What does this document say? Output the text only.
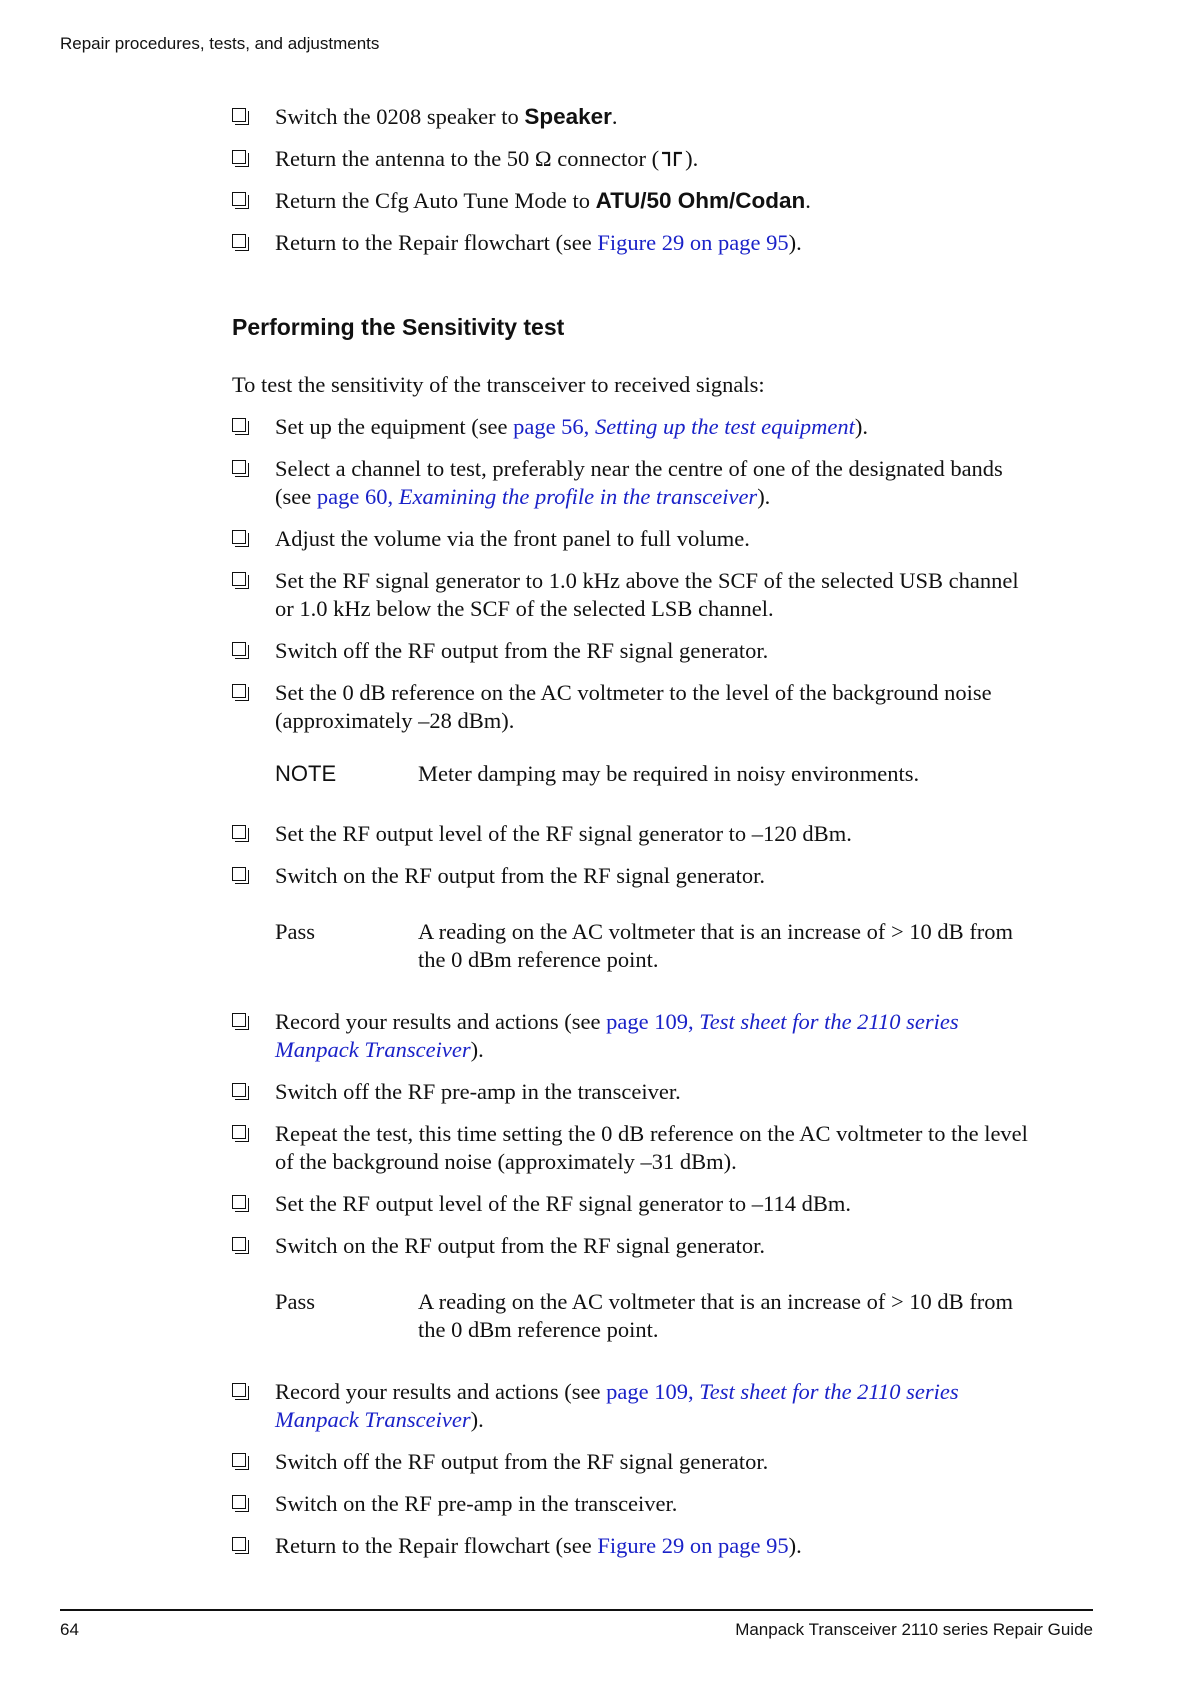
Repair procedures, tests, and adjustments
Switch the 0208 speaker to Speaker.
Return the antenna to the 50 Ω connector ( ).
Return the Cfg Auto Tune Mode to ATU/50 Ohm/Codan.
Return to the Repair flowchart (see Figure 29 on page 95).
Performing the Sensitivity test
To test the sensitivity of the transceiver to received signals:
Set up the equipment (see page 56, Setting up the test equipment).
Select a channel to test, preferably near the centre of one of the designated bands
(see page 60, Examining the profile in the transceiver).
Adjust the volume via the front panel to full volume.
Set the RF signal generator to 1.0 kHz above the SCF of the selected USB channel
or 1.0 kHz below the SCF of the selected LSB channel.
Switch off the RF output from the RF signal generator.
Set the 0 dB reference on the AC voltmeter to the level of the background noise
(approximately –28 dBm).
NOTE	Meter damping may be required in noisy environments.
Set the RF output level of the RF signal generator to –120 dBm.
Switch on the RF output from the RF signal generator.
Pass	A reading on the AC voltmeter that is an increase of > 10 dB from
the 0 dBm reference point.
Record your results and actions (see page 109, Test sheet for the 2110 series
Manpack Transceiver).
Switch off the RF pre-amp in the transceiver.
Repeat the test, this time setting the 0 dB reference on the AC voltmeter to the level
of the background noise (approximately –31 dBm).
Set the RF output level of the RF signal generator to –114 dBm.
Switch on the RF output from the RF signal generator.
Pass	A reading on the AC voltmeter that is an increase of > 10 dB from
the 0 dBm reference point.
Record your results and actions (see page 109, Test sheet for the 2110 series
Manpack Transceiver).
Switch off the RF output from the RF signal generator.
Switch on the RF pre-amp in the transceiver.
Return to the Repair flowchart (see Figure 29 on page 95).
64	Manpack Transceiver 2110 series Repair Guide
